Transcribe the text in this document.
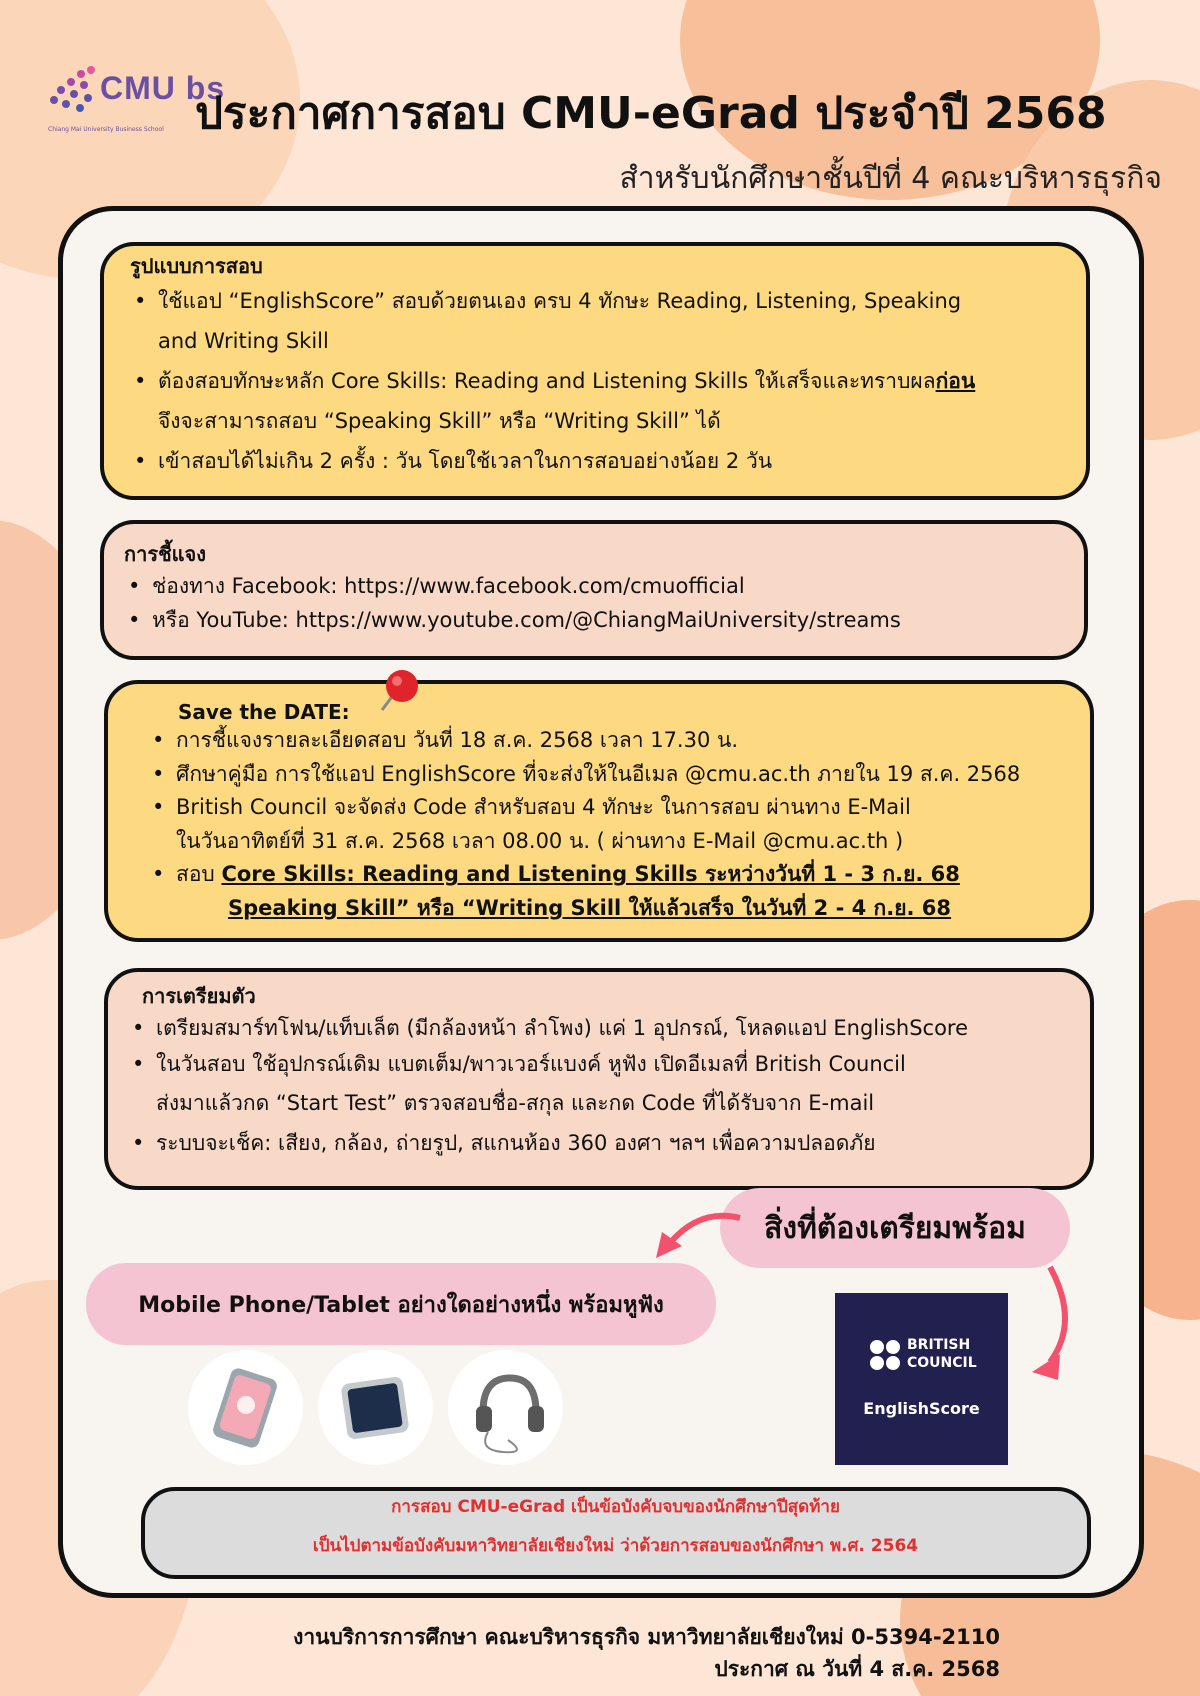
CMU bs
Chiang Mai University Business School ประกาศการสอบ CMU-eGrad ประจำปี 2568
สำหรับนักศึกษาชั้นปีที่ 4 คณะบริหารธุรกิจ
รูปแบบการสอบ
• ใช้แอป “EnglishScore” สอบด้วยตนเอง ครบ 4 ทักษะ Reading, Listening, Speaking
and Writing Skill
• ต้องสอบทักษะหลัก Core Skills: Reading and Listening Skills ให้เสร็จและทราบผลก่อน
จึงจะสามารถสอบ “Speaking Skill” หรือ “Writing Skill” ได้
• เข้าสอบได้ไม่เกิน 2 ครั้ง : วัน โดยใช้เวลาในการสอบอย่างน้อย 2 วัน
การชี้แจง
• ช่องทาง Facebook: https://www.facebook.com/cmuofficial
• หรือ YouTube: https://www.youtube.com/@ChiangMaiUniversity/streams
Save the DATE:
• การชี้แจงรายละเอียดสอบ วันที่ 18 ส.ค. 2568 เวลา 17.30 น.
• ศึกษาคู่มือ การใช้แอป EnglishScore ที่จะส่งให้ในอีเมล @cmu.ac.th ภายใน 19 ส.ค. 2568
• British Council จะจัดส่ง Code สำหรับสอบ 4 ทักษะ ในการสอบ ผ่านทาง E-Mail
ในวันอาทิตย์ที่ 31 ส.ค. 2568 เวลา 08.00 น. ( ผ่านทาง E-Mail @cmu.ac.th )
• สอบ Core Skills: Reading and Listening Skills ระหว่างวันที่ 1 - 3 ก.ย. 68
Speaking Skill” หรือ “Writing Skill ให้แล้วเสร็จ ในวันที่ 2 - 4 ก.ย. 68
การเตรียมตัว
• เตรียมสมาร์ทโฟน/แท็บเล็ต (มีกล้องหน้า ลำโพง) แค่ 1 อุปกรณ์, โหลดแอป EnglishScore
• ในวันสอบ ใช้อุปกรณ์เดิม แบตเต็ม/พาวเวอร์แบงค์ หูฟัง เปิดอีเมลที่ British Council
ส่งมาแล้วกด “Start Test” ตรวจสอบชื่อ-สกุล และกด Code ที่ได้รับจาก E-mail
• ระบบจะเช็ค: เสียง, กล้อง, ถ่ายรูป, สแกนห้อง 360 องศา ฯลฯ เพื่อความปลอดภัย
สิ่งที่ต้องเตรียมพร้อม
Mobile Phone/Tablet อย่างใดอย่างหนึ่ง พร้อมหูฟัง
BRITISH
COUNCIL
EnglishScore
การสอบ CMU-eGrad เป็นข้อบังคับจบของนักศึกษาปีสุดท้าย
เป็นไปตามข้อบังคับมหาวิทยาลัยเชียงใหม่ ว่าด้วยการสอบของนักศึกษา พ.ศ. 2564
งานบริการการศึกษา คณะบริหารธุรกิจ มหาวิทยาลัยเชียงใหม่ 0-5394-2110
ประกาศ ณ วันที่ 4 ส.ค. 2568
